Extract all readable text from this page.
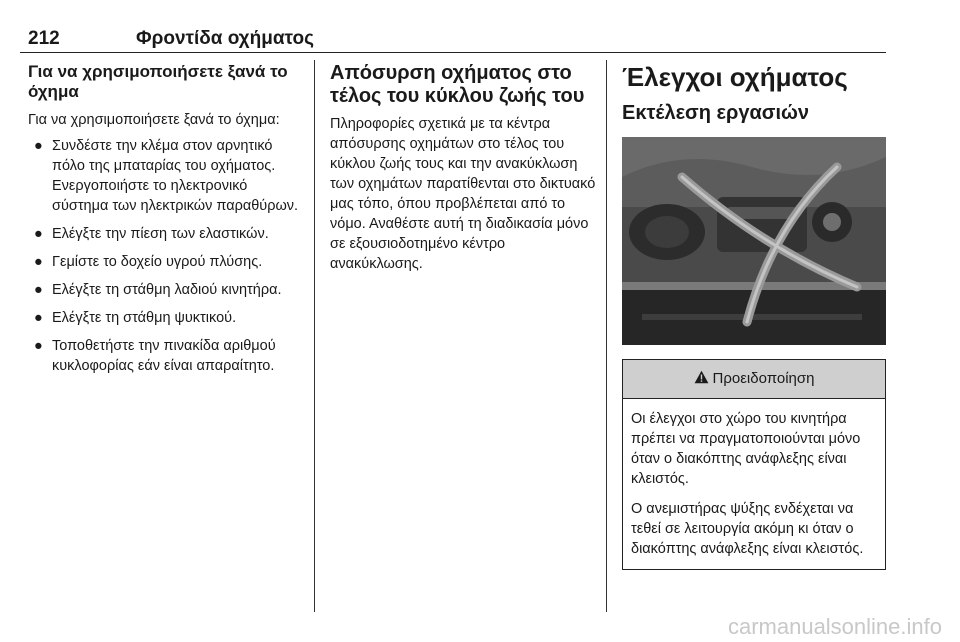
212	Φροντίδα οχήματος
Για να χρησιμοποιήσετε ξανά το όχημα

Για να χρησιμοποιήσετε ξανά το όχημα:

● Συνδέστε την κλέμα στον αρνητικό πόλο της μπαταρίας του οχήματος. Ενεργοποιήστε το ηλεκτρονικό σύστημα των ηλεκτρικών παραθύρων.
● Ελέγξτε την πίεση των ελαστικών.
● Γεμίστε το δοχείο υγρού πλύσης.
● Ελέγξτε τη στάθμη λαδιού κινητήρα.
● Ελέγξτε τη στάθμη ψυκτικού.
● Τοποθετήστε την πινακίδα αριθμού κυκλοφορίας εάν είναι απαραίτητο.
Απόσυρση οχήματος στο τέλος του κύκλου ζωής του

Πληροφορίες σχετικά με τα κέντρα απόσυρσης οχημάτων στο τέλος του κύκλου ζωής τους και την ανακύκλωση των οχημάτων παρατίθενται στο δικτυακό μας τόπο, όπου προβλέπεται από το νόμο. Αναθέστε αυτή τη διαδικασία μόνο σε εξουσιοδοτημένο κέντρο ανακύκλωσης.

Έλεγχοι οχήματος
Εκτέλεση εργασιών
Προειδοποίηση

Οι έλεγχοι στο χώρο του κινητήρα πρέπει να πραγματοποιούνται μόνο όταν ο διακόπτης ανάφλεξης είναι κλειστός.

Ο ανεμιστήρας ψύξης ενδέχεται να τεθεί σε λειτουργία ακόμη κι όταν ο διακόπτης ανάφλεξης είναι κλειστός.

carmanualsonline.info
